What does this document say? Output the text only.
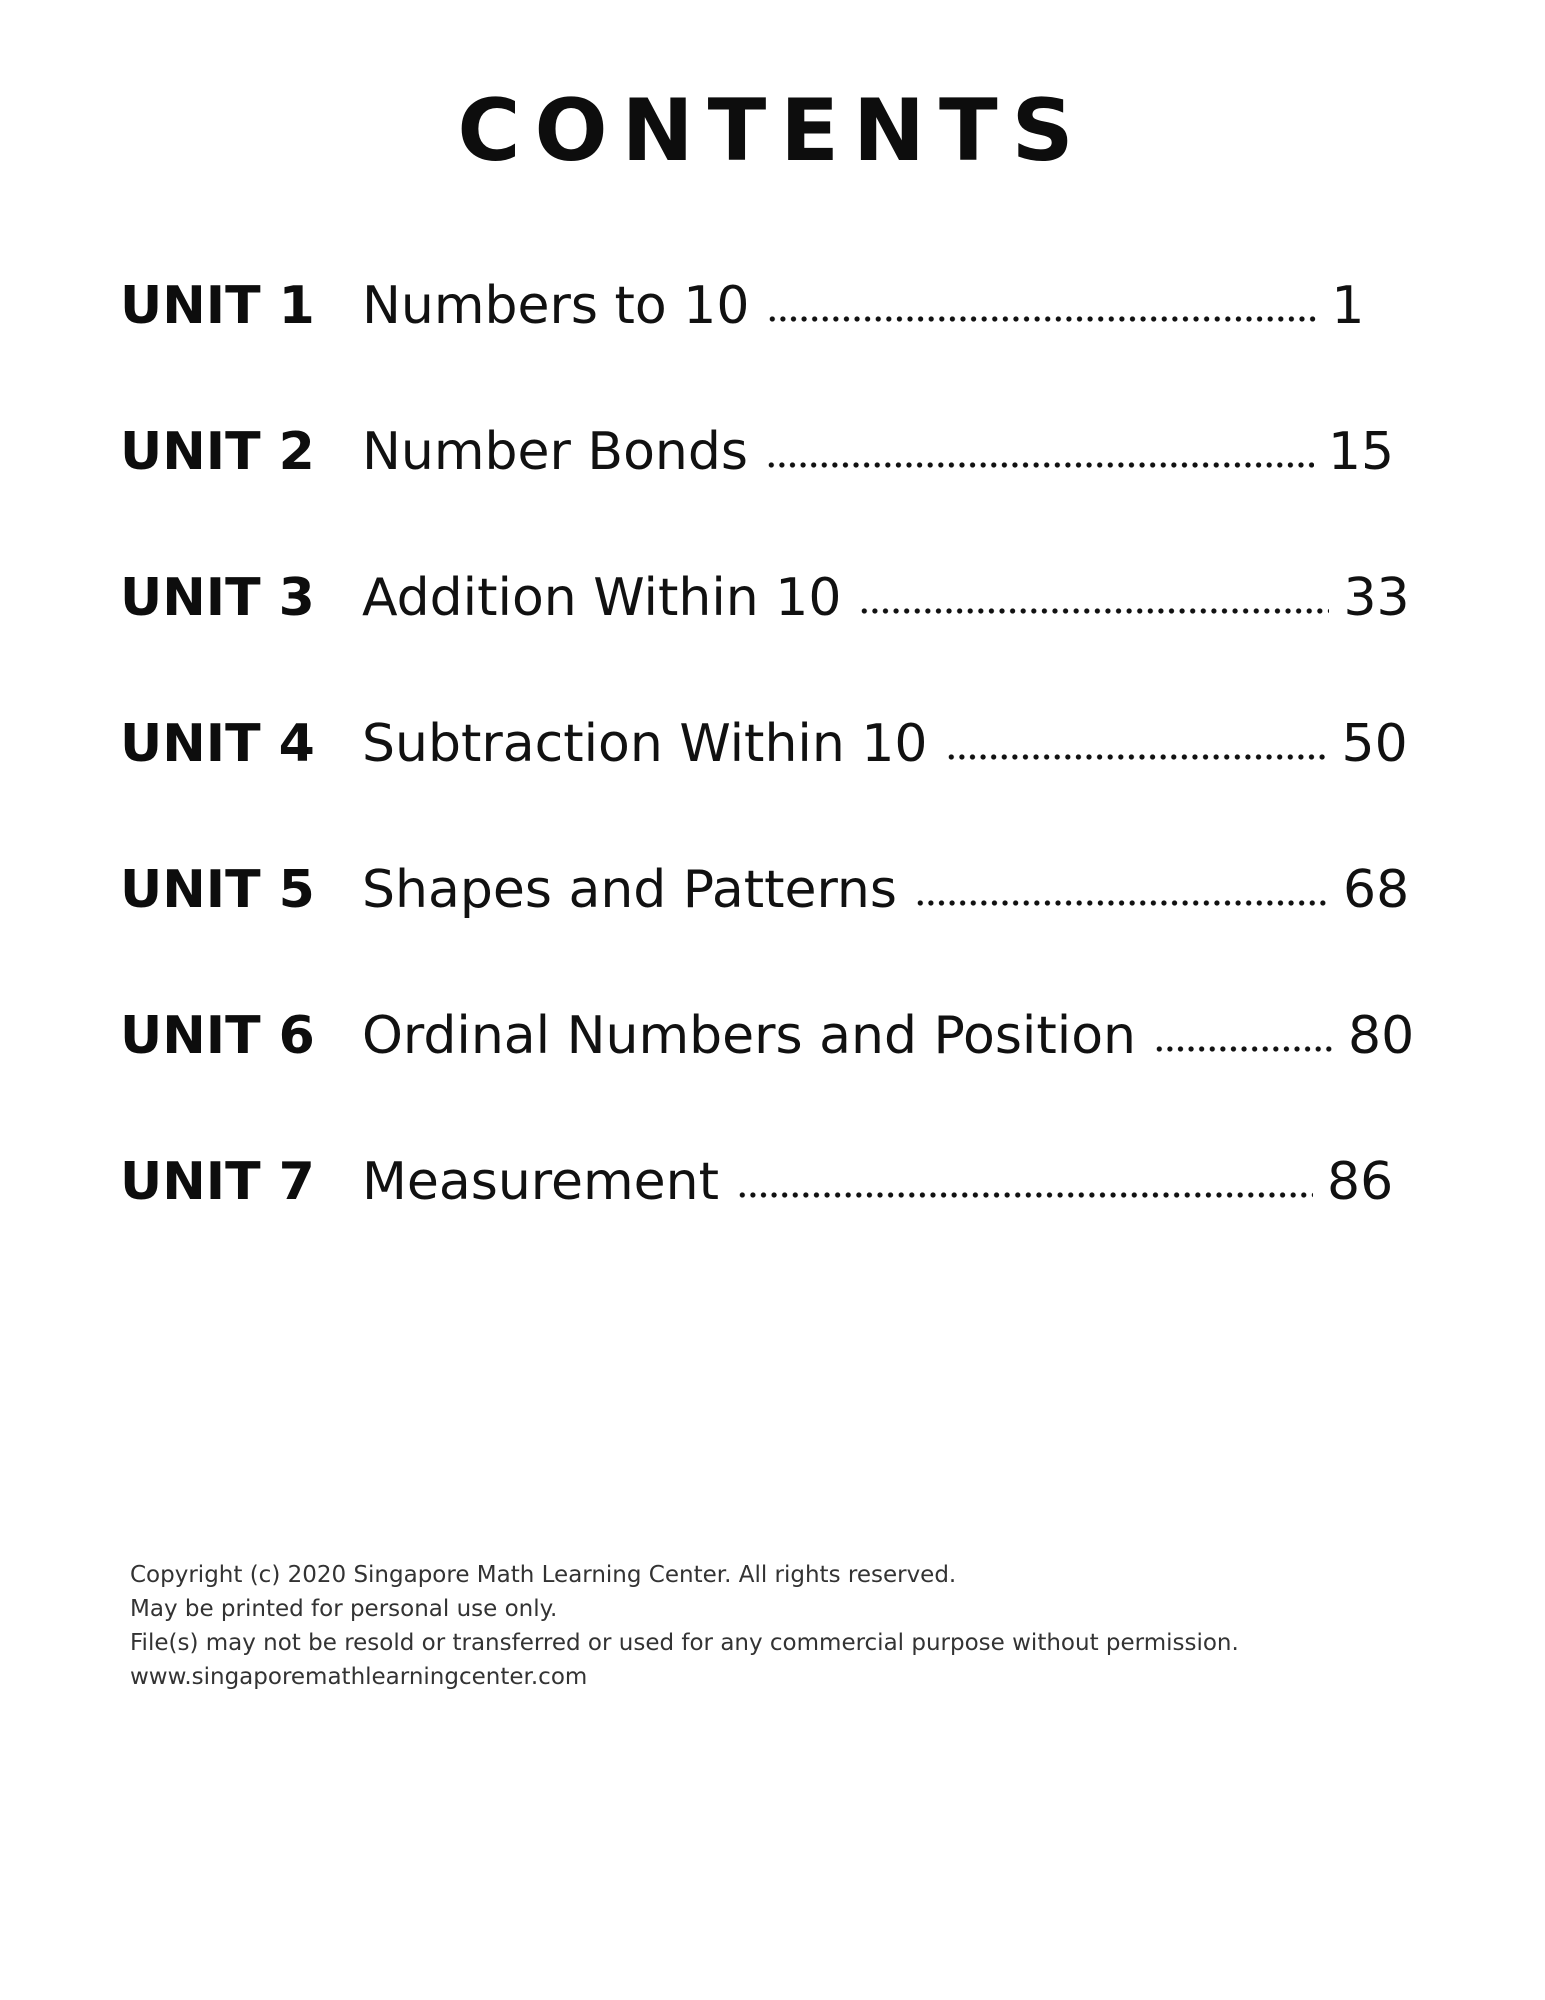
CONTENTS
UNIT 1 Numbers to 10	1
UNIT 2 Number Bonds	15
UNIT 3 Addition Within 10	33
UNIT 4 Subtraction Within 10	50
UNIT 5 Shapes and Patterns	68
UNIT 6 Ordinal Numbers and Position	80
UNIT 7 Measurement	86
Copyright (c) 2020 Singapore Math Learning Center. All rights reserved.
May be printed for personal use only.
File(s) may not be resold or transferred or used for any commercial purpose without permission.
www.singaporemathlearningcenter.com
